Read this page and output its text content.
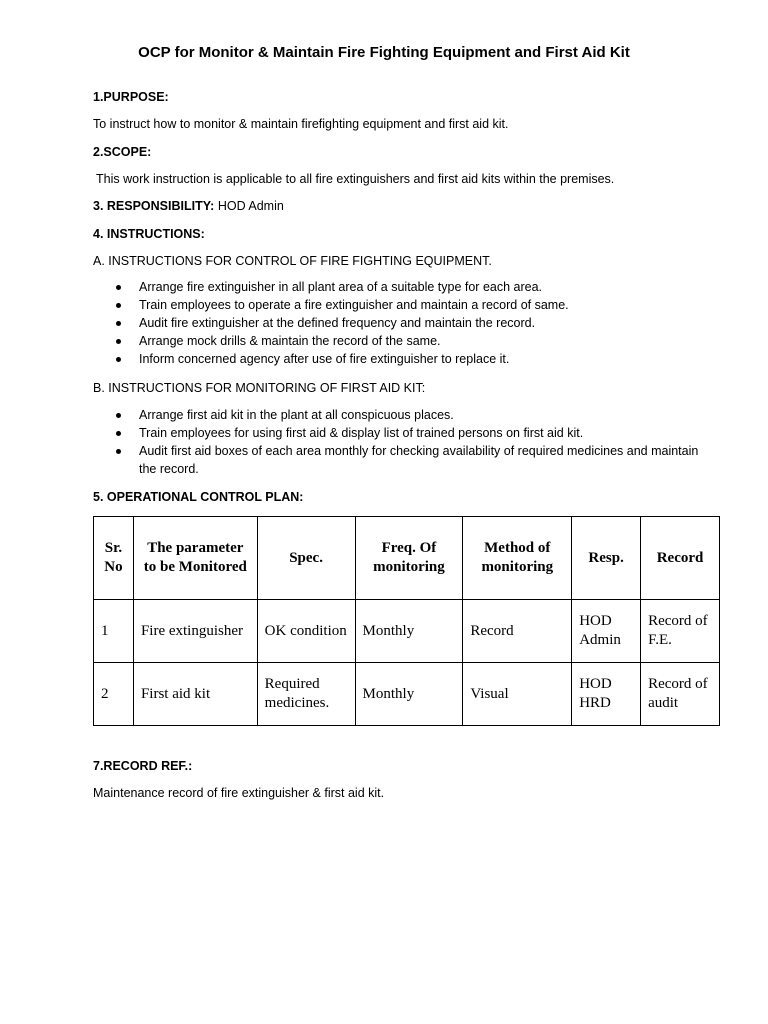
OCP for Monitor & Maintain Fire Fighting Equipment and First Aid Kit
1.PURPOSE:
To instruct how to monitor & maintain firefighting equipment and first aid kit.
2.SCOPE:
This work instruction is applicable to all fire extinguishers and first aid kits within the premises.
3. RESPONSIBILITY: HOD Admin
4. INSTRUCTIONS:
A. INSTRUCTIONS FOR CONTROL OF FIRE FIGHTING EQUIPMENT.
Arrange fire extinguisher in all plant area of a suitable type for each area.
Train employees to operate a fire extinguisher and maintain a record of same.
Audit fire extinguisher at the defined frequency and maintain the record.
Arrange mock drills & maintain the record of the same.
Inform concerned agency after use of fire extinguisher to replace it.
B. INSTRUCTIONS FOR MONITORING OF FIRST AID KIT:
Arrange first aid kit in the plant at all conspicuous places.
Train employees for using first aid & display list of trained persons on first aid kit.
Audit first aid boxes of each area monthly for checking availability of required medicines and maintain the record.
5. OPERATIONAL CONTROL PLAN:
Sr. No	The parameter to be Monitored	Spec.	Freq. Of monitoring	Method of monitoring	Resp.	Record
1	Fire extinguisher	OK condition	Monthly	Record	HOD Admin	Record of F.E.
2	First aid kit	Required medicines.	Monthly	Visual	HOD HRD	Record of audit
7.RECORD REF.:
Maintenance record of fire extinguisher & first aid kit.
